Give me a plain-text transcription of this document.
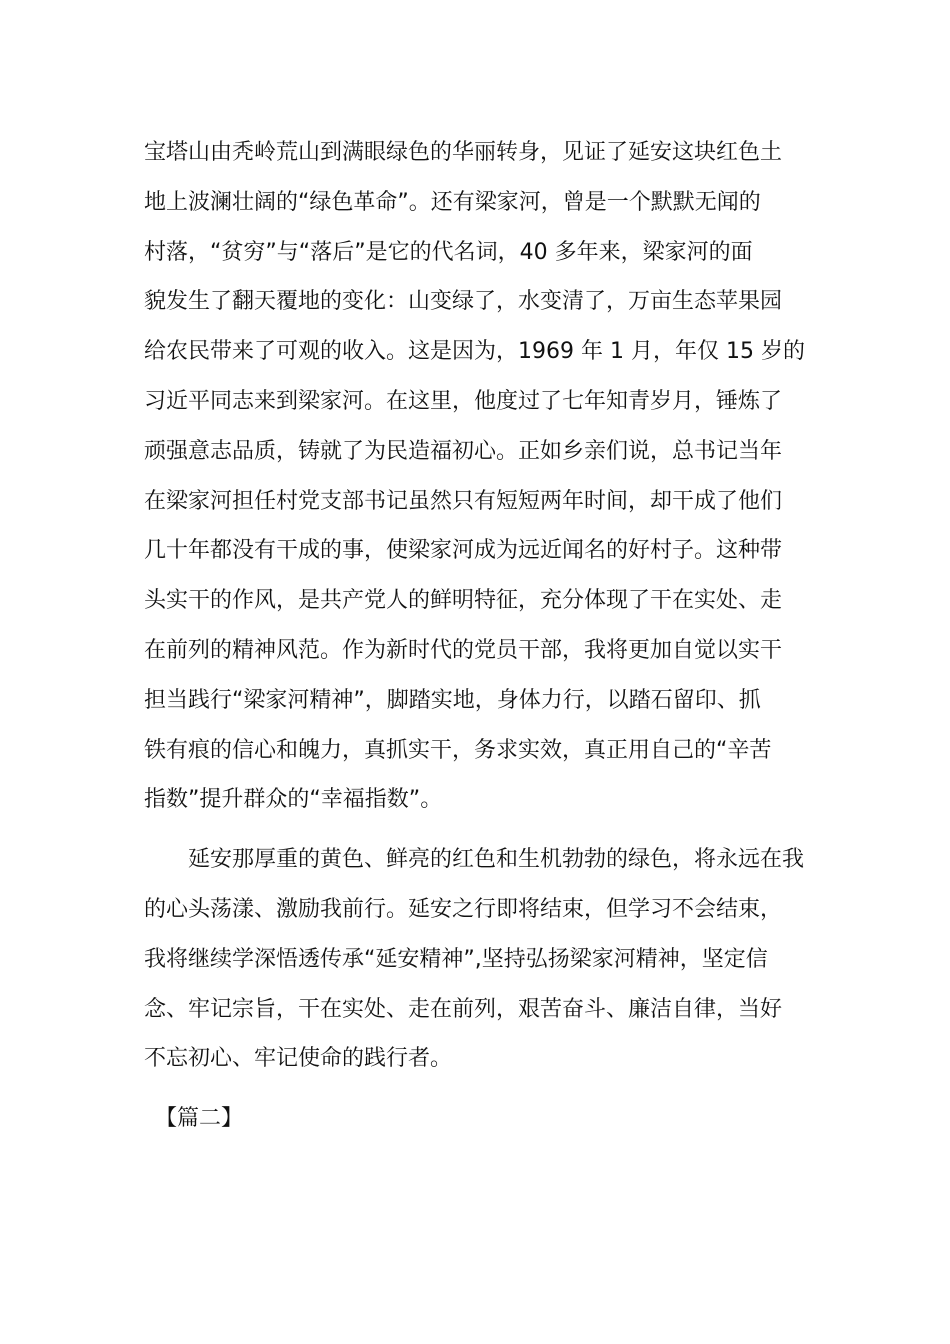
宝塔山由秃岭荒山到满眼绿色的华丽转身，见证了延安这块红色土
地上波澜壮阔的“绿色革命”。还有梁家河，曾是一个默默无闻的
村落，“贫穷”与“落后”是它的代名词，40 多年来，梁家河的面
貌发生了翻天覆地的变化：山变绿了，水变清了，万亩生态苹果园
给农民带来了可观的收入。这是因为，1969 年 1 月，年仅 15 岁的
习近平同志来到梁家河。在这里，他度过了七年知青岁月，锤炼了
顽强意志品质，铸就了为民造福初心。正如乡亲们说，总书记当年
在梁家河担任村党支部书记虽然只有短短两年时间，却干成了他们
几十年都没有干成的事，使梁家河成为远近闻名的好村子。这种带
头实干的作风，是共产党人的鲜明特征，充分体现了干在实处、走
在前列的精神风范。作为新时代的党员干部，我将更加自觉以实干
担当践行“梁家河精神”，脚踏实地，身体力行，以踏石留印、抓
铁有痕的信心和魄力，真抓实干，务求实效，真正用自己的“辛苦
指数”提升群众的“幸福指数”。
　　延安那厚重的黄色、鲜亮的红色和生机勃勃的绿色，将永远在我
的心头荡漾、激励我前行。延安之行即将结束，但学习不会结束，
我将继续学深悟透传承“延安精神”,坚持弘扬梁家河精神，坚定信
念、牢记宗旨，干在实处、走在前列，艰苦奋斗、廉洁自律，当好
不忘初心、牢记使命的践行者。
　【篇二】
